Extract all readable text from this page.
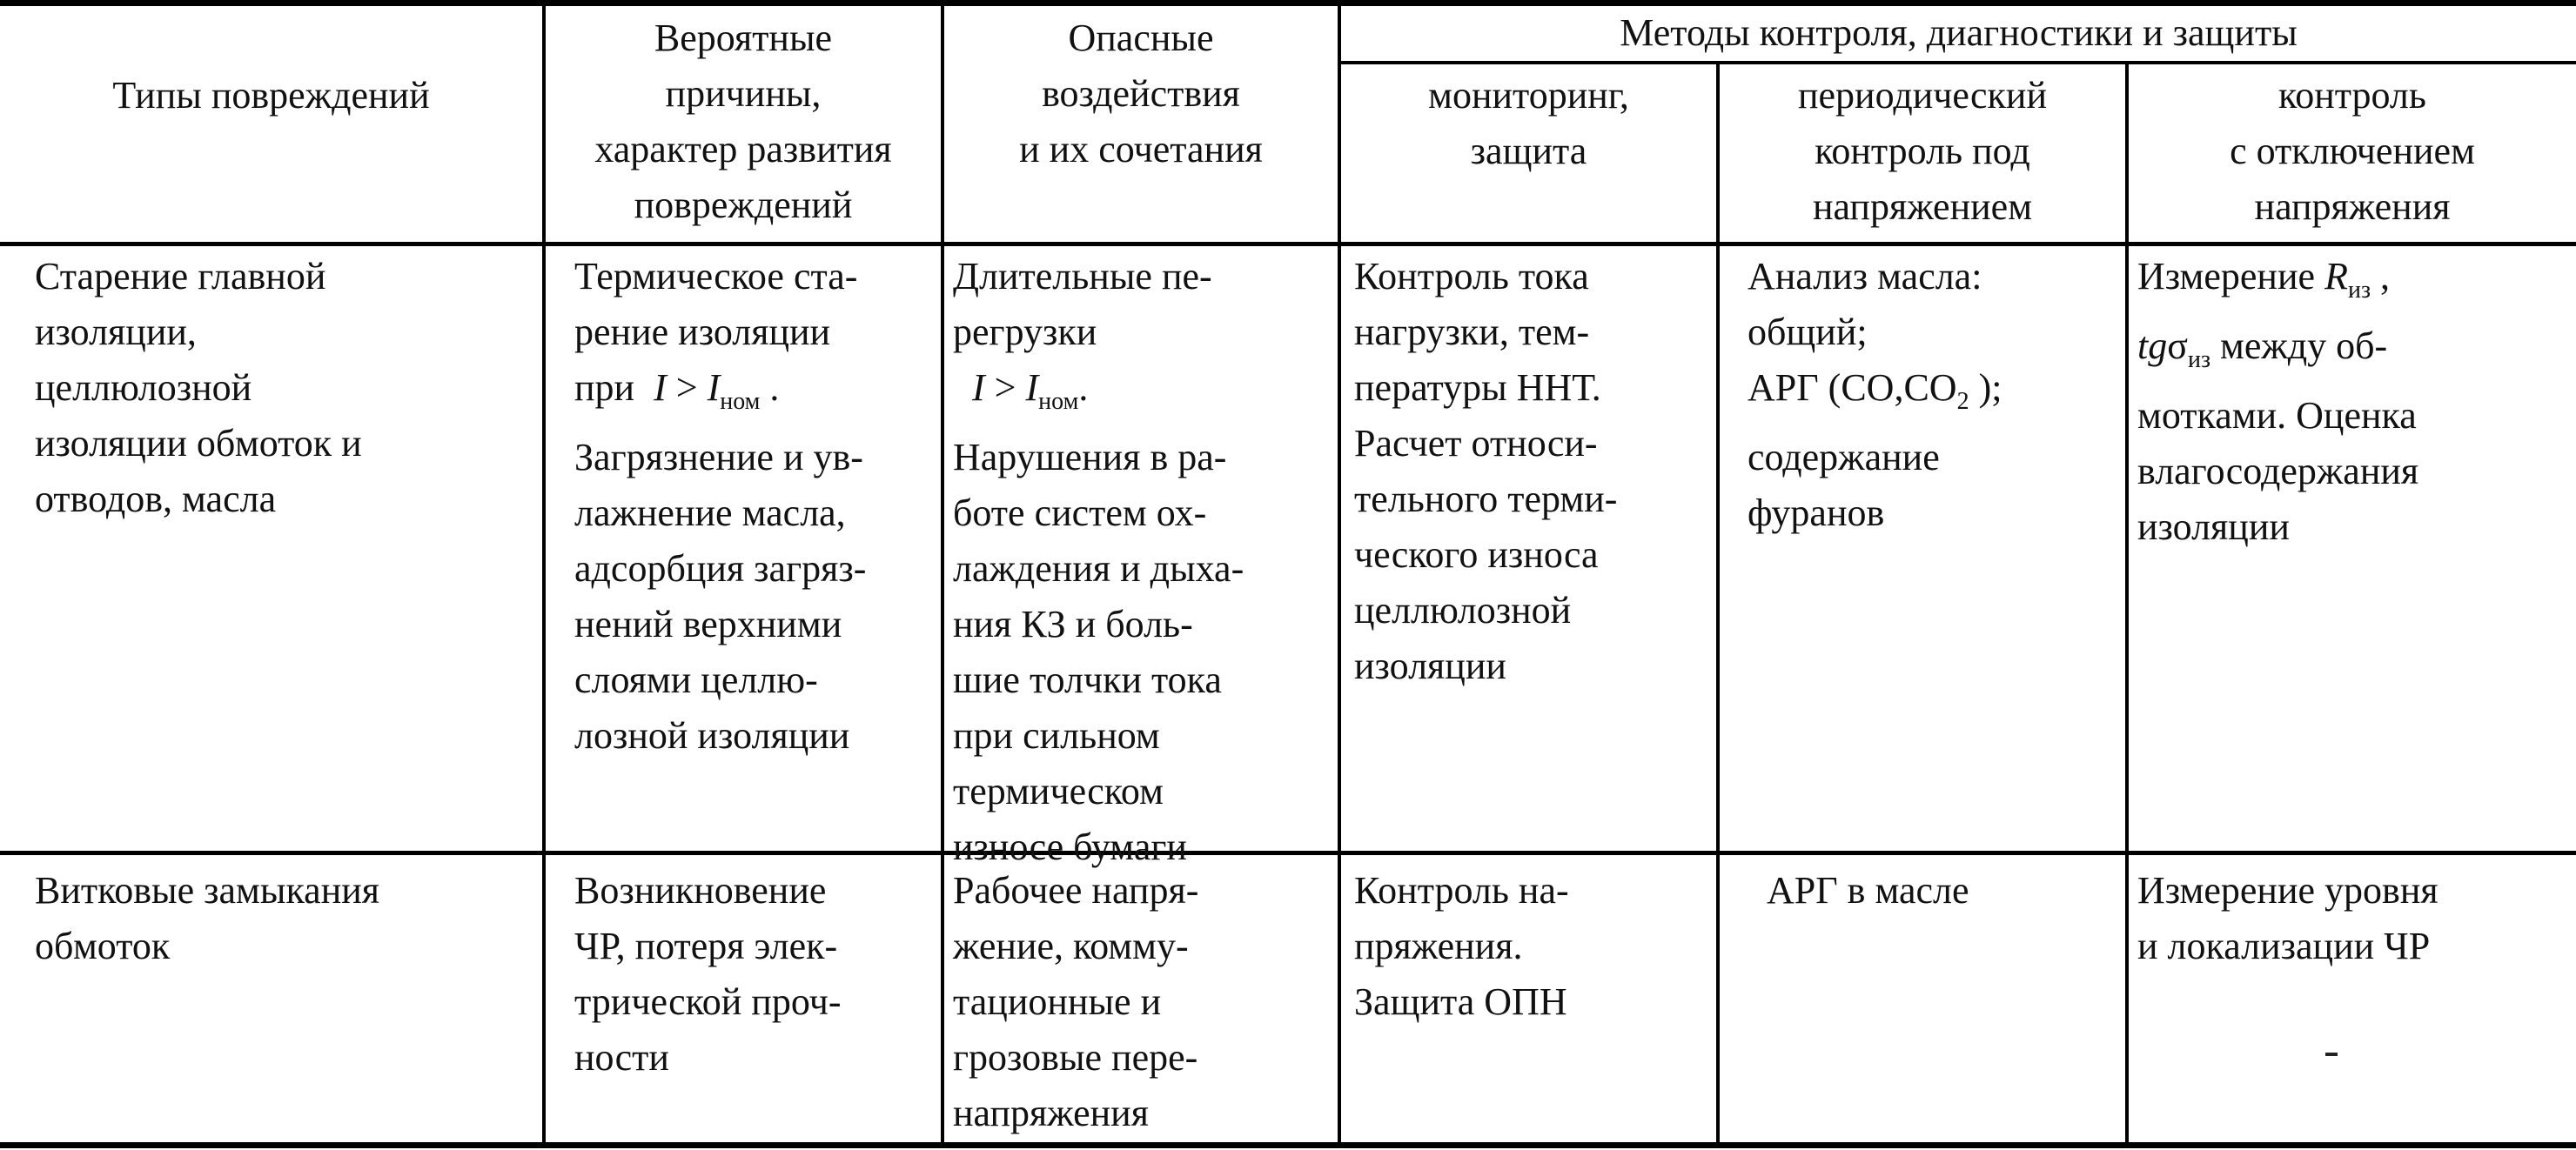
Типы повреждений
Вероятные
причины,
характер развития
повреждений
Опасные
воздействия
и их сочетания
Методы контроля, диагностики и защиты
мониторинг,
защита
периодический
контроль под
напряжением
контроль
с отключением
напряжения
Старение главной
изоляции,
целлюлозной
изоляции обмоток и
отводов, масла
Термическое ста-
рение изоляции
при $I > I_{ном}$ .
Загрязнение и ув-
лажнение масла,
адсорбция загряз-
нений верхними
слоями целлю-
лозной изоляции
Длительные пе-
регрузки
$I > I_{ном}$.
Нарушения в ра-
боте систем ох-
лаждения и дыха-
ния КЗ и боль-
шие толчки тока
при сильном
термическом
износе бумаги
Контроль тока
нагрузки, тем-
пературы ННТ.
Расчет относи-
тельного терми-
ческого износа
целлюлозной
изоляции
Анализ масла:
общий;
АРГ ($CO,CO_2$ );
содержание
фуранов
Измерение $R_{из}$ ,
tgσ$_{из}$ между об-
мотками. Оценка
влагосодержания
изоляции
Витковые замыкания
обмоток
Возникновение
ЧР, потеря элек-
трической проч-
ности
Рабочее напря-
жение, комму-
тационные и
грозовые пере-
напряжения
Контроль на-
пряжения.
Защита ОПН
АРГ в масле	Измерение уровня
и локализации ЧР
